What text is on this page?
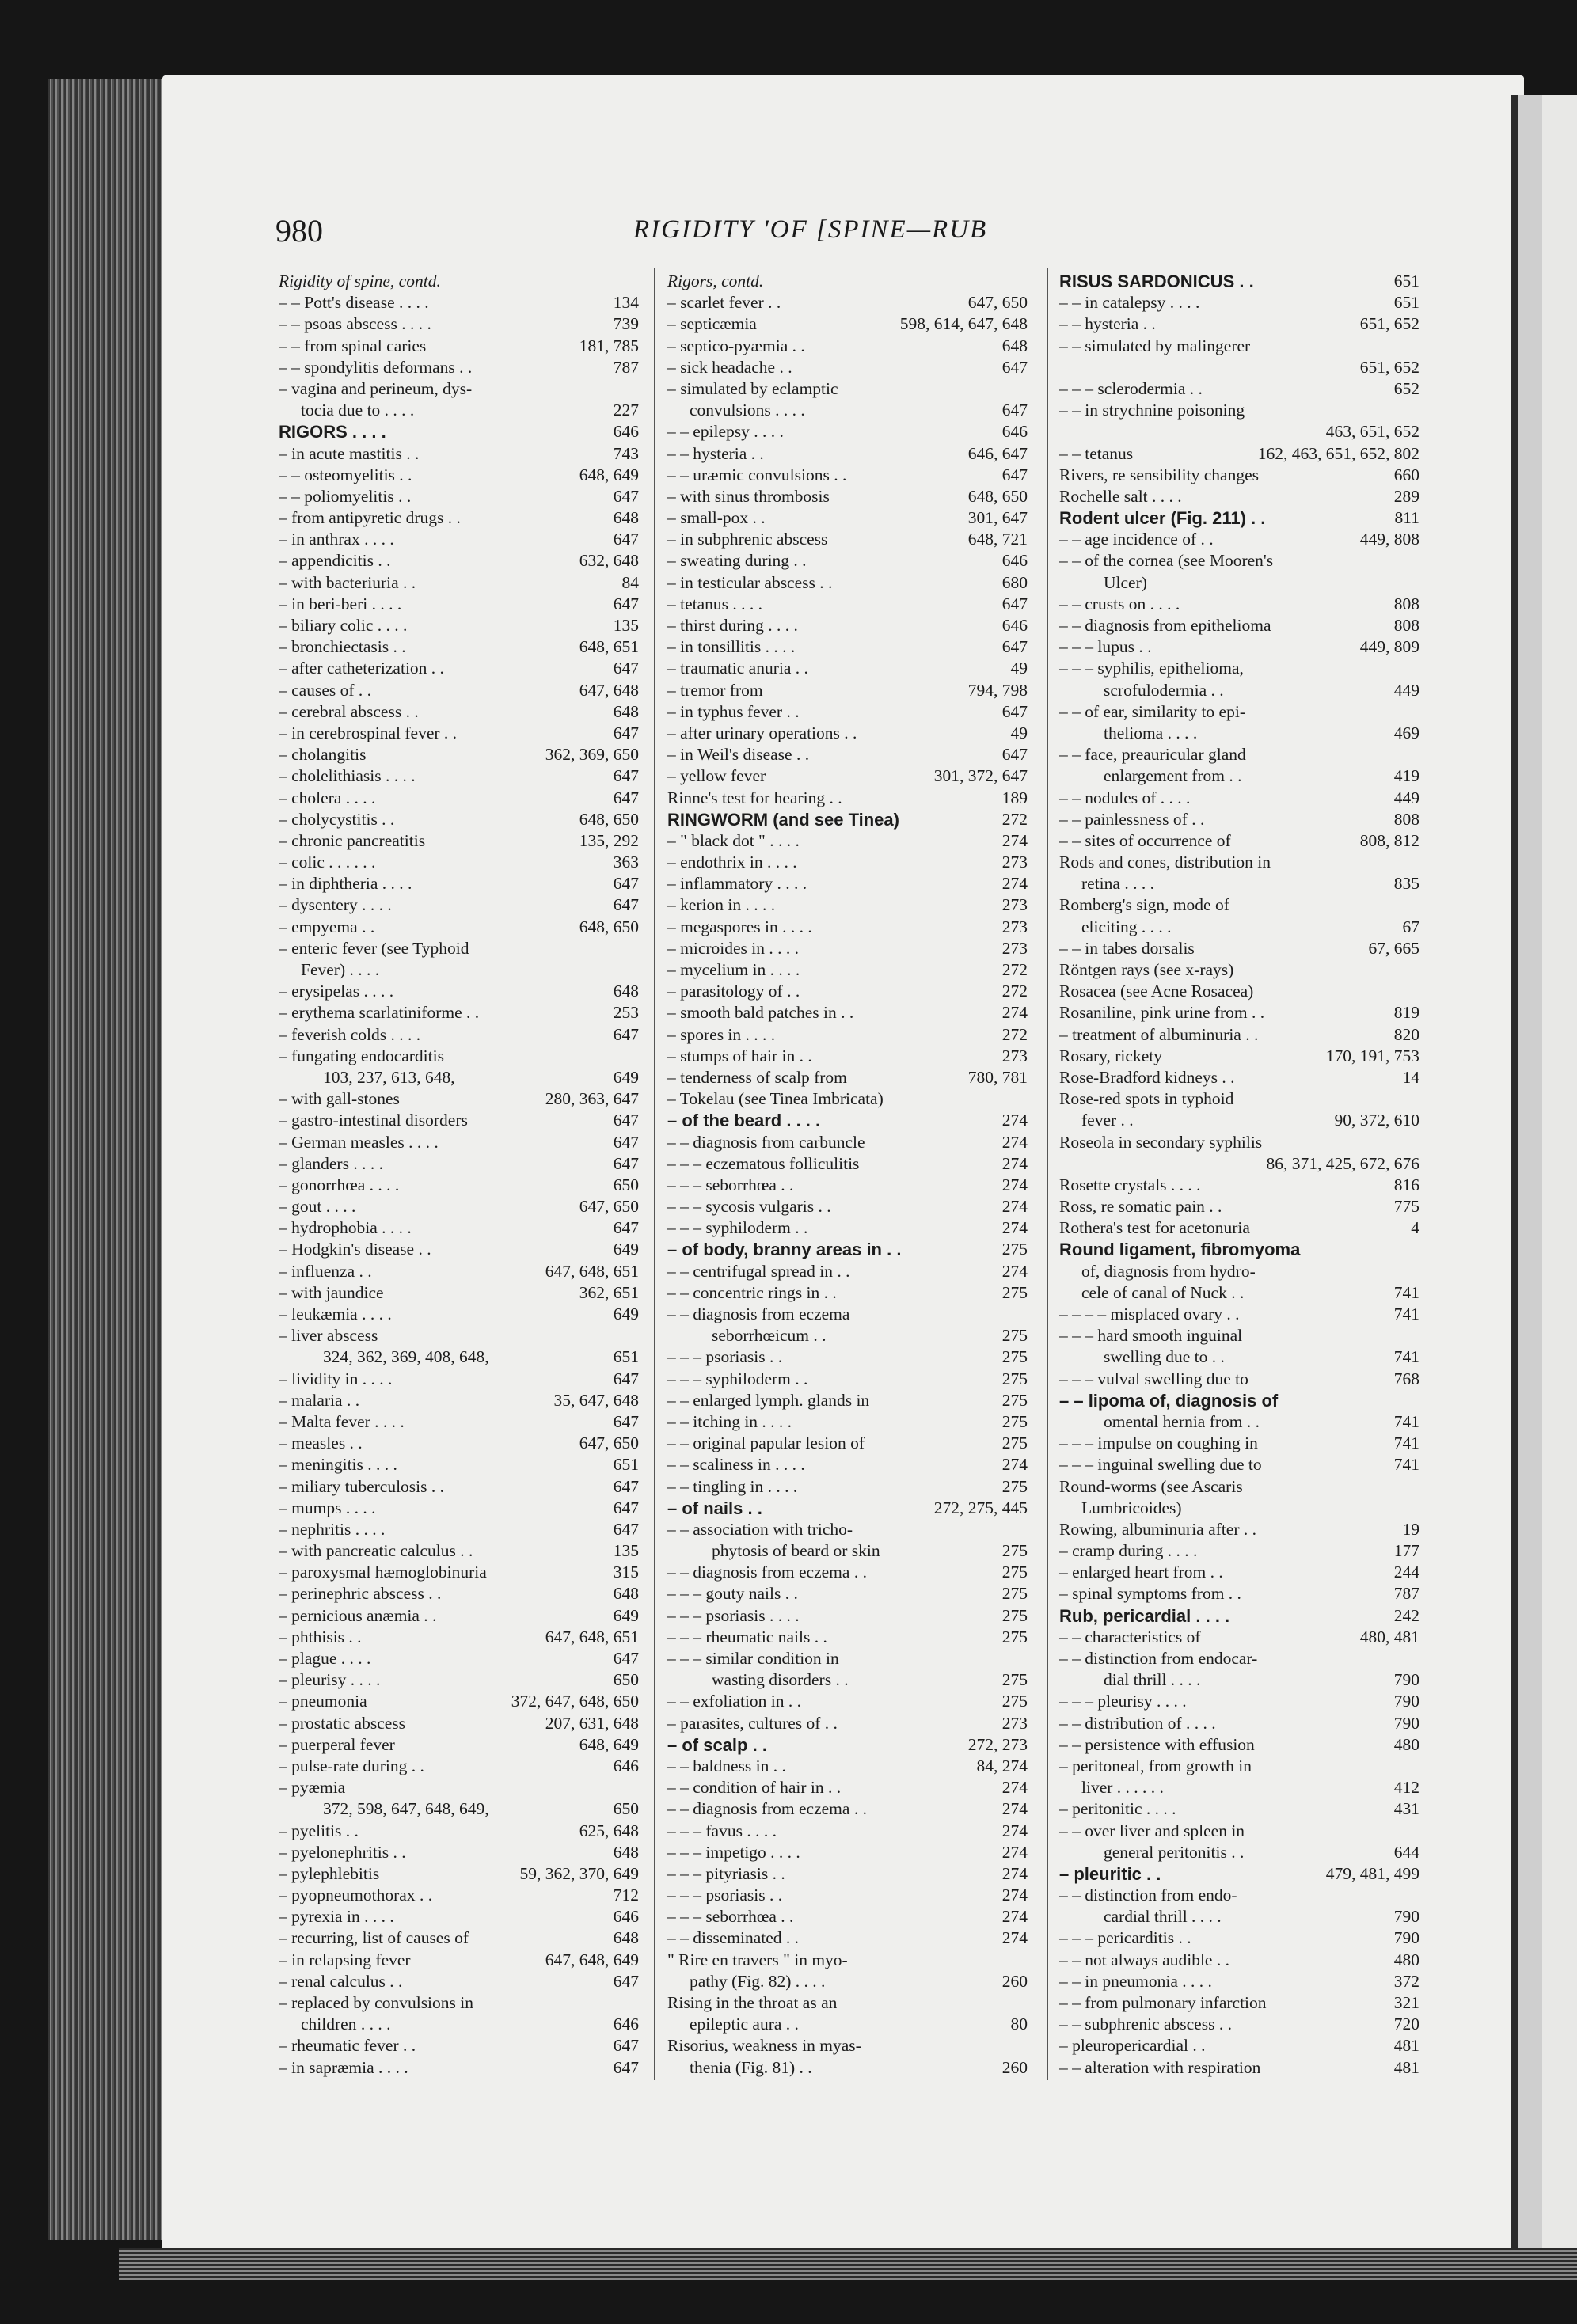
980	RIGIDITY 'OF [SPINE—RUB
Rigidity of spine, contd.
– – Pott's disease . . . .	134
– – psoas abscess . . . .	739
– – from spinal caries	181, 785
– – spondylitis deformans . .	787
– vagina and perineum, dys-
tocia due to . . . .	227
RIGORS . . . .	646
– in acute mastitis . .	743
– – osteomyelitis . .	648, 649
– – poliomyelitis . .	647
– from antipyretic drugs . .	648
– in anthrax . . . .	647
– appendicitis . .	632, 648
– with bacteriuria . .	84
– in beri-beri . . . .	647
– biliary colic . . . .	135
– bronchiectasis . .	648, 651
– after catheterization . .	647
– causes of . .	647, 648
– cerebral abscess . .	648
– in cerebrospinal fever . .	647
– cholangitis	362, 369, 650
– cholelithiasis . . . .	647
– cholera . . . .	647
– cholycystitis . .	648, 650
– chronic pancreatitis	135, 292
– colic . . . . . .	363
– in diphtheria . . . .	647
– dysentery . . . .	647
– empyema . .	648, 650
– enteric fever (see Typhoid
Fever) . . . .
– erysipelas . . . .	648
– erythema scarlatiniforme . .	253
– feverish colds . . . .	647
– fungating endocarditis
103, 237, 613, 648,	649
– with gall-stones	280, 363, 647
– gastro-intestinal disorders	647
– German measles . . . .	647
– glanders . . . .	647
– gonorrhœa . . . .	650
– gout . . . .	647, 650
– hydrophobia . . . .	647
– Hodgkin's disease . .	649
– influenza . .	647, 648, 651
– with jaundice	362, 651
– leukæmia . . . .	649
– liver abscess
324, 362, 369, 408, 648,	651
– lividity in . . . .	647
– malaria . .	35, 647, 648
– Malta fever . . . .	647
– measles . .	647, 650
– meningitis . . . .	651
– miliary tuberculosis . .	647
– mumps . . . .	647
– nephritis . . . .	647
– with pancreatic calculus . .	135
– paroxysmal hæmoglobinuria	315
– perinephric abscess . .	648
– pernicious anæmia . .	649
– phthisis . .	647, 648, 651
– plague . . . .	647
– pleurisy . . . .	650
– pneumonia	372, 647, 648, 650
– prostatic abscess	207, 631, 648
– puerperal fever	648, 649
– pulse-rate during . .	646
– pyæmia
372, 598, 647, 648, 649,	650
– pyelitis . .	625, 648
– pyelonephritis . .	648
– pylephlebitis	59, 362, 370, 649
– pyopneumothorax . .	712
– pyrexia in . . . .	646
– recurring, list of causes of	648
– in relapsing fever	647, 648, 649
– renal calculus . .	647
– replaced by convulsions in
children . . . .	646
– rheumatic fever . .	647
– in sapræmia . . . .	647
Rigors, contd.
– scarlet fever . .	647, 650
– septicæmia	598, 614, 647, 648
– septico-pyæmia . .	648
– sick headache . .	647
– simulated by eclamptic
convulsions . . . .	647
– – epilepsy . . . .	646
– – hysteria . .	646, 647
– – uræmic convulsions . .	647
– with sinus thrombosis	648, 650
– small-pox . .	301, 647
– in subphrenic abscess	648, 721
– sweating during . .	646
– in testicular abscess . .	680
– tetanus . . . .	647
– thirst during . . . .	646
– in tonsillitis . . . .	647
– traumatic anuria . .	49
– tremor from	794, 798
– in typhus fever . .	647
– after urinary operations . .	49
– in Weil's disease . .	647
– yellow fever	301, 372, 647
Rinne's test for hearing . .	189
RINGWORM (and see Tinea)	272
– " black dot " . . . .	274
– endothrix in . . . .	273
– inflammatory . . . .	274
– kerion in . . . .	273
– megaspores in . . . .	273
– microides in . . . .	273
– mycelium in . . . .	272
– parasitology of . .	272
– smooth bald patches in . .	274
– spores in . . . .	272
– stumps of hair in . .	273
– tenderness of scalp from	780, 781
– Tokelau (see Tinea Imbricata)
– of the beard . . . .	274
– – diagnosis from carbuncle	274
– – – eczematous folliculitis	274
– – – seborrhœa . .	274
– – – sycosis vulgaris . .	274
– – – syphiloderm . .	274
– of body, branny areas in . .	275
– – centrifugal spread in . .	274
– – concentric rings in . .	275
– – diagnosis from eczema
seborrhœicum . .	275
– – – psoriasis . .	275
– – – syphiloderm . .	275
– – enlarged lymph. glands in	275
– – itching in . . . .	275
– – original papular lesion of	275
– – scaliness in . . . .	274
– – tingling in . . . .	275
– of nails . .	272, 275, 445
– – association with tricho-
phytosis of beard or skin	275
– – diagnosis from eczema . .	275
– – – gouty nails . .	275
– – – psoriasis . . . .	275
– – – rheumatic nails . .	275
– – – similar condition in
wasting disorders . .	275
– – exfoliation in . .	275
– parasites, cultures of . .	273
– of scalp . .	272, 273
– – baldness in . .	84, 274
– – condition of hair in . .	274
– – diagnosis from eczema . .	274
– – – favus . . . .	274
– – – impetigo . . . .	274
– – – pityriasis . .	274
– – – psoriasis . .	274
– – – seborrhœa . .	274
– – disseminated . .	274
" Rire en travers " in myo-
pathy (Fig. 82) . . . .	260
Rising in the throat as an
epileptic aura . .	80
Risorius, weakness in myas-
thenia (Fig. 81) . .	260
RISUS SARDONICUS . .	651
– – in catalepsy . . . .	651
– – hysteria . .	651, 652
– – simulated by malingerer
651, 652
– – – sclerodermia . .	652
– – in strychnine poisoning
463, 651, 652
– – tetanus	162, 463, 651, 652, 802
Rivers, re sensibility changes	660
Rochelle salt . . . .	289
Rodent ulcer (Fig. 211) . .	811
– – age incidence of . .	449, 808
– – of the cornea (see Mooren's
Ulcer)
– – crusts on . . . .	808
– – diagnosis from epithelioma	808
– – – lupus . .	449, 809
– – – syphilis, epithelioma,
scrofulodermia . .	449
– – of ear, similarity to epi-
thelioma . . . .	469
– – face, preauricular gland
enlargement from . .	419
– – nodules of . . . .	449
– – painlessness of . .	808
– – sites of occurrence of	808, 812
Rods and cones, distribution in
retina . . . .	835
Romberg's sign, mode of
eliciting . . . .	67
– – in tabes dorsalis	67, 665
Röntgen rays (see x-rays)
Rosacea (see Acne Rosacea)
Rosaniline, pink urine from . .	819
– treatment of albuminuria . .	820
Rosary, rickety	170, 191, 753
Rose-Bradford kidneys . .	14
Rose-red spots in typhoid
fever . .	90, 372, 610
Roseola in secondary syphilis
86, 371, 425, 672, 676
Rosette crystals . . . .	816
Ross, re somatic pain . .	775
Rothera's test for acetonuria	4
Round ligament, fibromyoma
of, diagnosis from hydro-
cele of canal of Nuck . .	741
– – – – misplaced ovary . .	741
– – – hard smooth inguinal
swelling due to . .	741
– – – vulval swelling due to	768
– – lipoma of, diagnosis of
omental hernia from . .	741
– – – impulse on coughing in	741
– – – inguinal swelling due to	741
Round-worms (see Ascaris
Lumbricoides)
Rowing, albuminuria after . .	19
– cramp during . . . .	177
– enlarged heart from . .	244
– spinal symptoms from . .	787
Rub, pericardial . . . .	242
– – characteristics of	480, 481
– – distinction from endocar-
dial thrill . . . .	790
– – – pleurisy . . . .	790
– – distribution of . . . .	790
– – persistence with effusion	480
– peritoneal, from growth in
liver . . . . . .	412
– peritonitic . . . .	431
– – over liver and spleen in
general peritonitis . .	644
– pleuritic . .	479, 481, 499
– – distinction from endo-
cardial thrill . . . .	790
– – – pericarditis . .	790
– – not always audible . .	480
– – in pneumonia . . . .	372
– – from pulmonary infarction	321
– – subphrenic abscess . .	720
– pleuropericardial . .	481
– – alteration with respiration	481
